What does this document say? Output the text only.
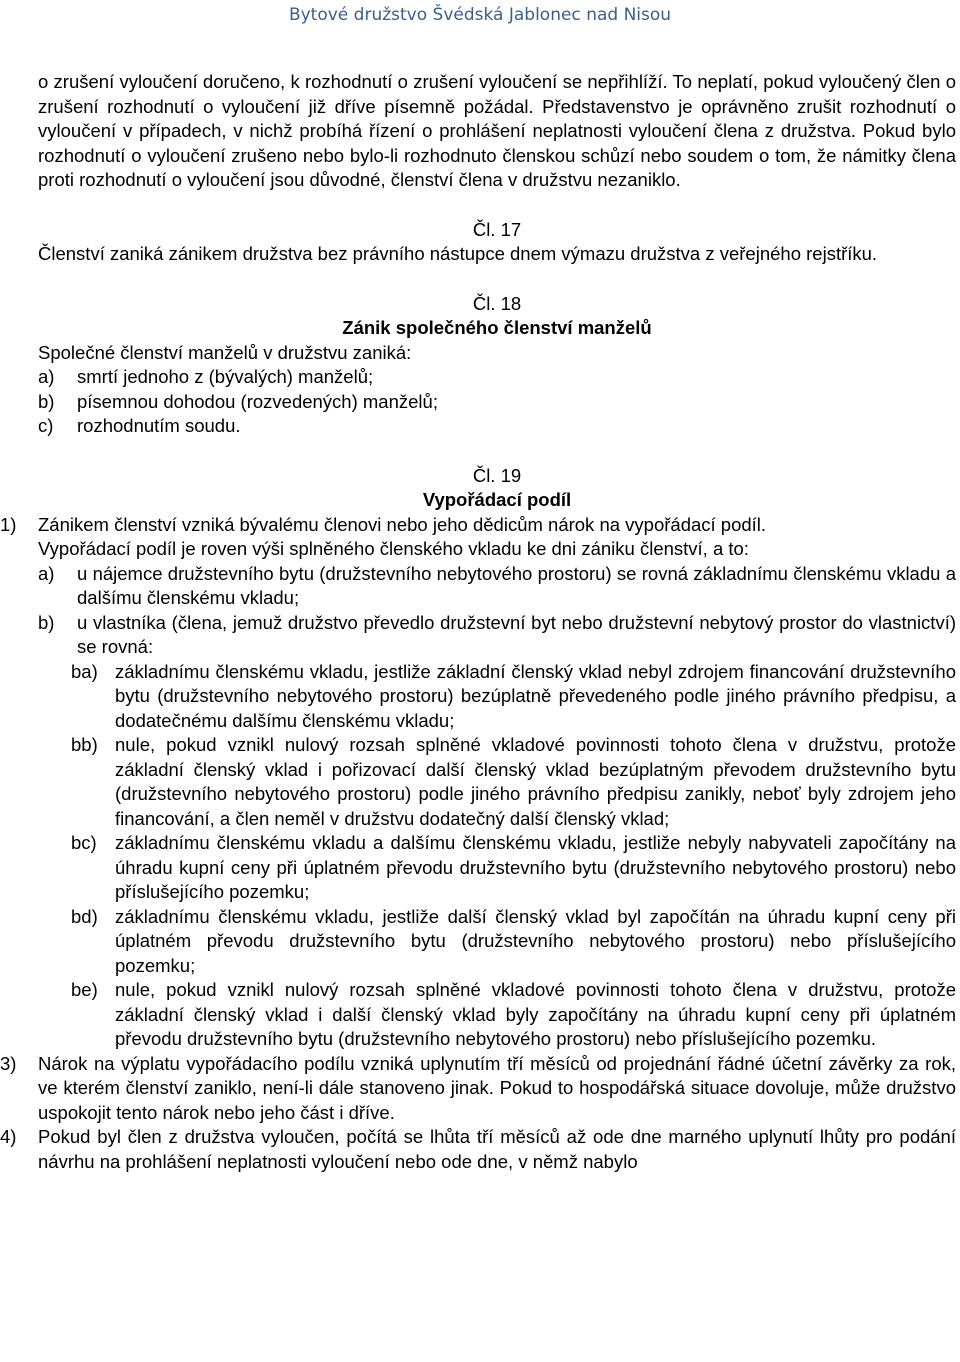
Bytové družstvo Švédská Jablonec nad Nisou

o zrušení vyloučení doručeno, k rozhodnutí o zrušení vyloučení se nepřihlíží. To neplatí, pokud vyloučený člen o zrušení rozhodnutí o vyloučení již dříve písemně požádal. Představenstvo je oprávněno zrušit rozhodnutí o vyloučení v případech, v nichž probíhá řízení o prohlášení neplatnosti vyloučení člena z družstva. Pokud bylo rozhodnutí o vyloučení zrušeno nebo bylo-li rozhodnuto členskou schůzí nebo soudem o tom, že námitky člena proti rozhodnutí o vyloučení jsou důvodné, členství člena v družstvu nezaniklo.

Čl. 17

Členství zaniká zánikem družstva bez právního nástupce dnem výmazu družstva z veřejného rejstříku.

Čl. 18

Zánik společného členství manželů

Společné členství manželů v družstvu zaniká:

a)	smrtí jednoho z (bývalých) manželů;
b)	písemnou dohodou (rozvedených) manželů;
c)	rozhodnutím soudu.

Čl. 19

Vypořádací podíl

1)	Zánikem členství vzniká bývalému členovi nebo jeho dědicům nárok na vypořádací podíl.

Vypořádací podíl je roven výši splněného členského vkladu ke dni zániku členství, a to:

a)	u nájemce družstevního bytu (družstevního nebytového prostoru) se rovná základnímu členskému vkladu a dalšímu členskému vkladu;
b)	u vlastníka (člena, jemuž družstvo převedlo družstevní byt nebo družstevní nebytový prostor do vlastnictví) se rovná:
ba) základnímu členskému vkladu, jestliže základní členský vklad nebyl zdrojem financování družstevního bytu (družstevního nebytového prostoru) bezúplatně převedeného podle jiného právního předpisu, a dodatečnému dalšímu členskému vkladu;
bb) nule, pokud vznikl nulový rozsah splněné vkladové povinnosti tohoto člena v družstvu, protože základní členský vklad i pořizovací další členský vklad bezúplatným převodem družstevního bytu (družstevního nebytového prostoru) podle jiného právního předpisu zanikly, neboť byly zdrojem jeho financování, a člen neměl v družstvu dodatečný další členský vklad;
bc) základnímu členskému vkladu a dalšímu členskému vkladu, jestliže nebyly nabyvateli započítány na úhradu kupní ceny při úplatném převodu družstevního bytu (družstevního nebytového prostoru) nebo příslušejícího pozemku;
bd) základnímu členskému vkladu, jestliže další členský vklad byl započítán na úhradu kupní ceny při úplatném převodu družstevního bytu (družstevního nebytového prostoru) nebo příslušejícího pozemku;
be) nule, pokud vznikl nulový rozsah splněné vkladové povinnosti tohoto člena v družstvu, protože základní členský vklad i další členský vklad byly započítány na úhradu kupní ceny při úplatném převodu družstevního bytu (družstevního nebytového prostoru) nebo příslušejícího pozemku.
3)	Nárok na výplatu vypořádacího podílu vzniká uplynutím tří měsíců od projednání řádné účetní závěrky za rok, ve kterém členství zaniklo, není-li dále stanoveno jinak. Pokud to hospodářská situace dovoluje, může družstvo uspokojit tento nárok nebo jeho část i dříve.
4)	Pokud byl člen z družstva vyloučen, počítá se lhůta tří měsíců až ode dne marného uplynutí lhůty pro podání návrhu na prohlášení neplatnosti vyloučení nebo ode dne, v němž nabylo
